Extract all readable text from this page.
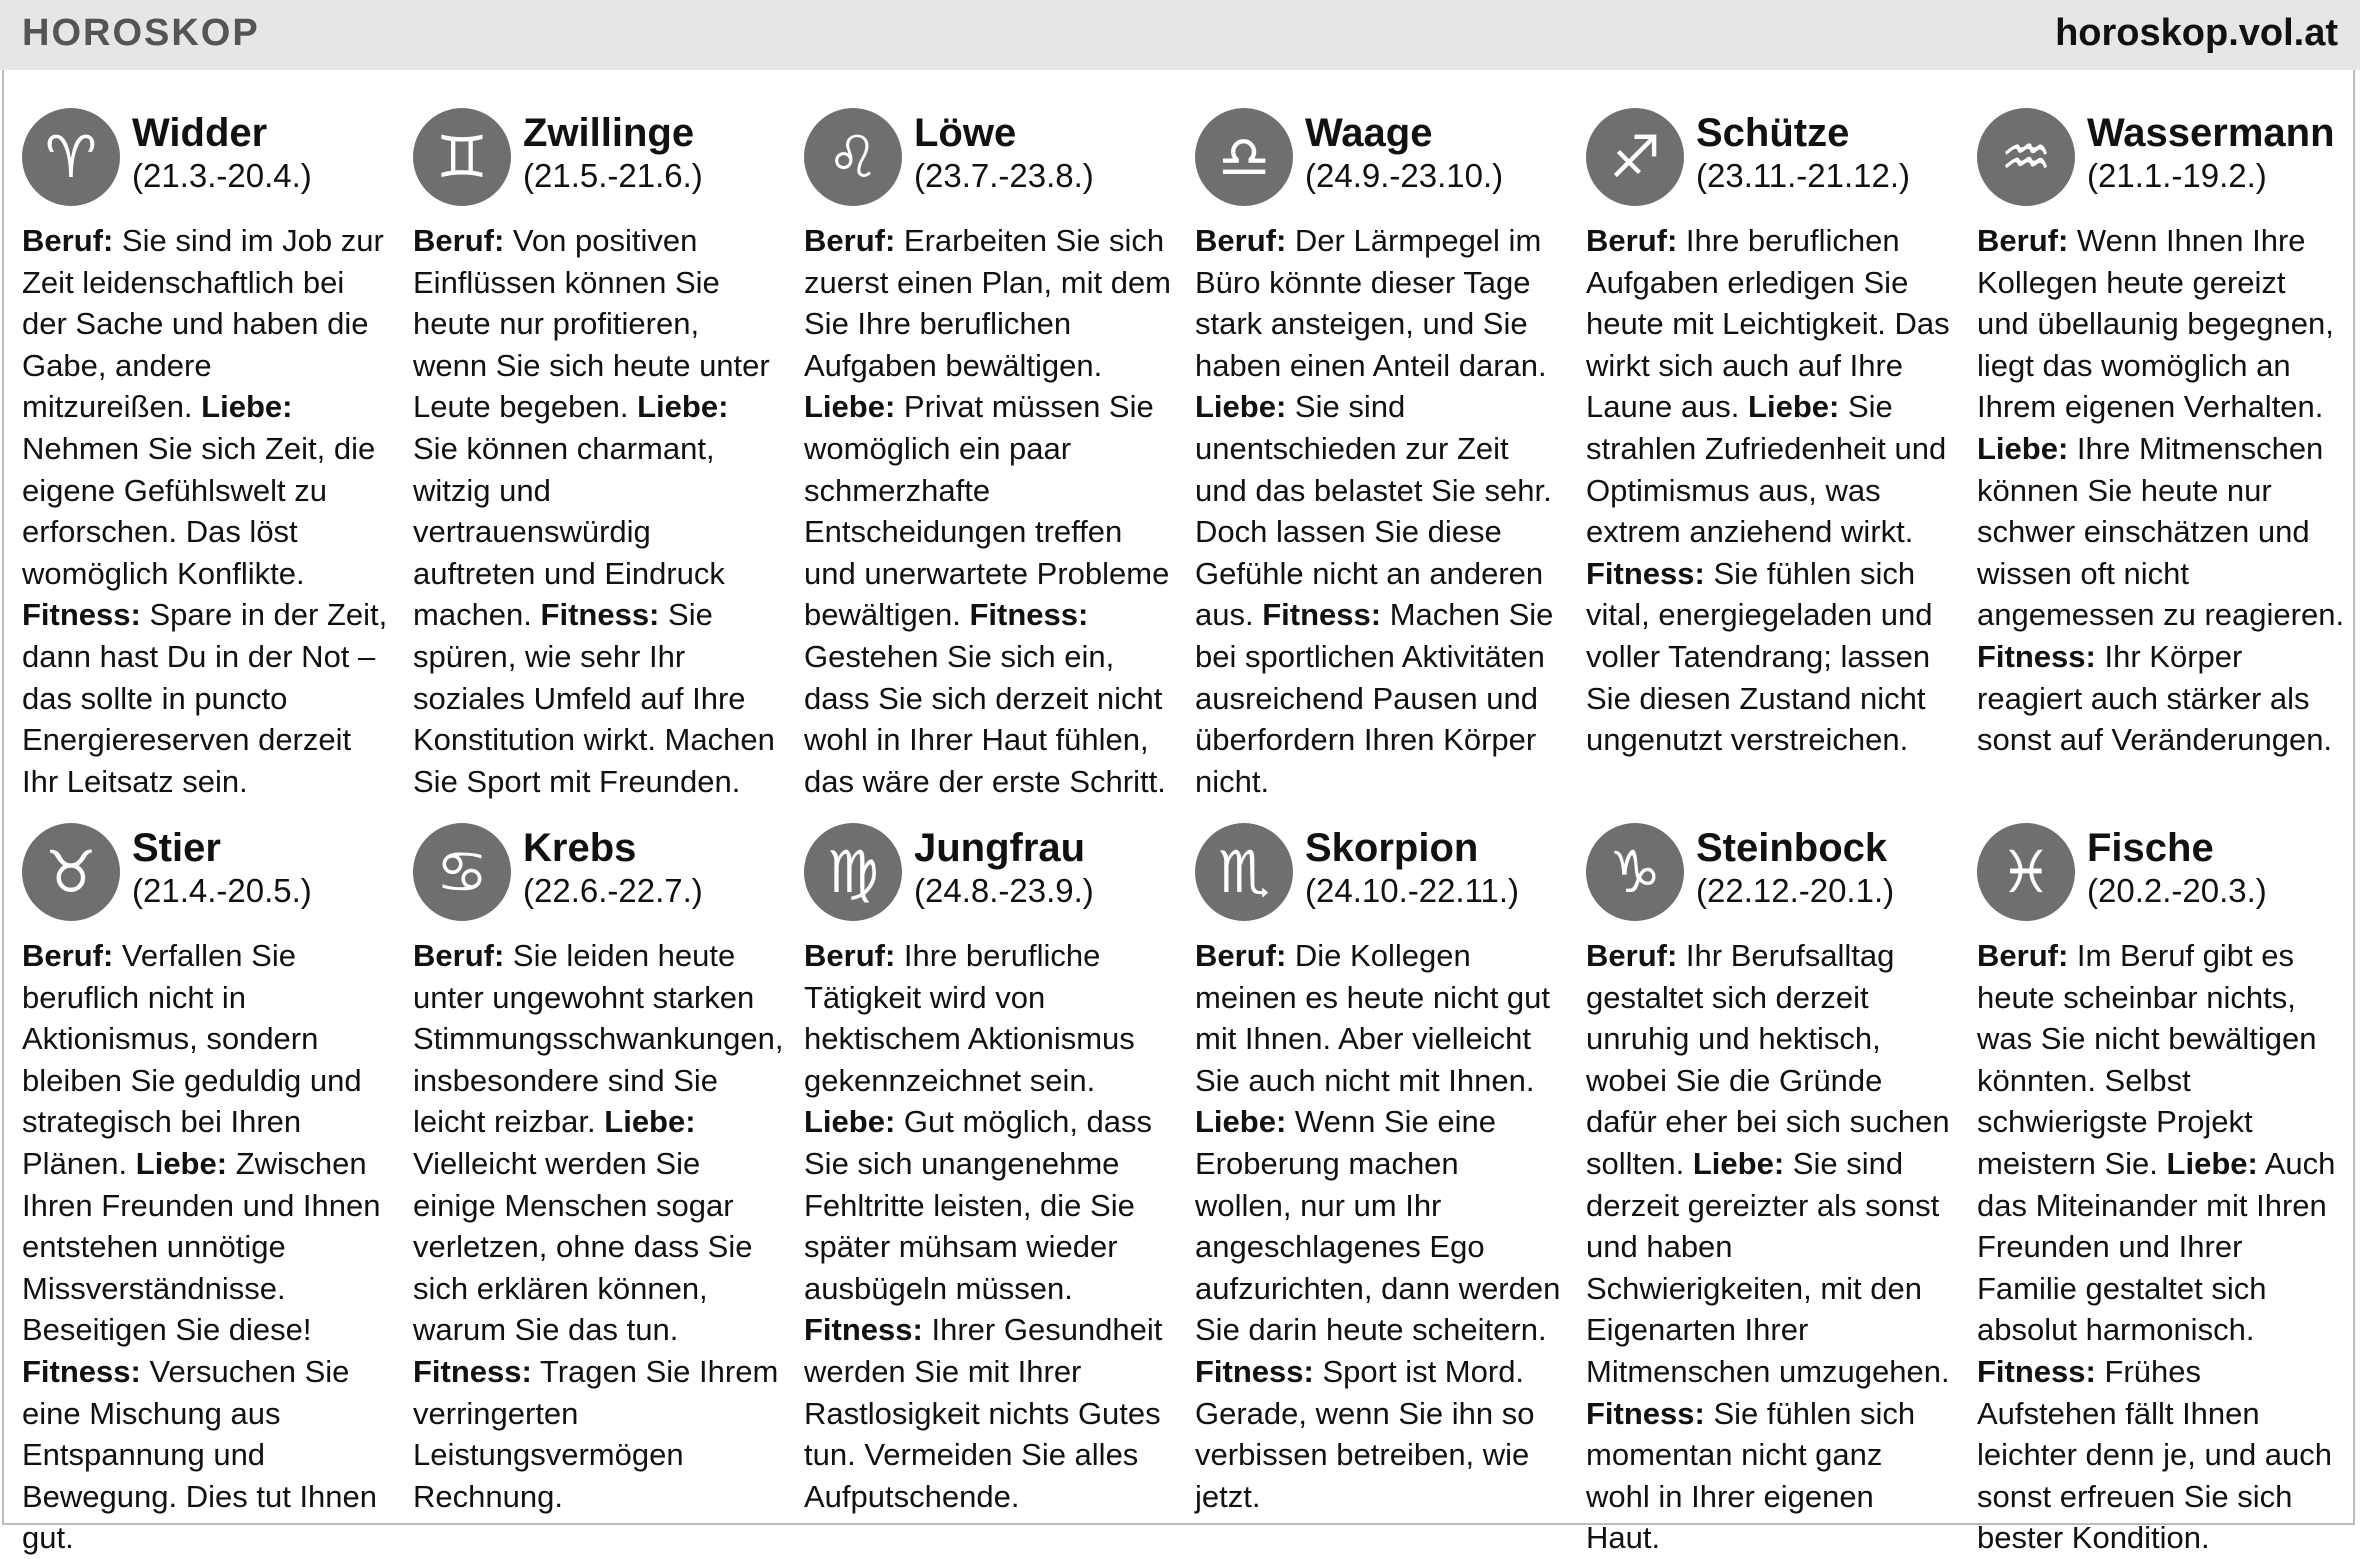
HOROSKOP	horoskop.vol.at
♈ Widder
(21.3.-20.4.)
Beruf: Sie sind im Job zur Zeit leidenschaftlich bei der Sache und haben die Gabe, andere mitzureißen. Liebe: Nehmen Sie sich Zeit, die eigene Gefühlswelt zu erforschen. Das löst womöglich Konflikte. Fitness: Spare in der Zeit, dann hast Du in der Not – das sollte in puncto Energiereserven derzeit Ihr Leitsatz sein.
♊ Zwillinge
(21.5.-21.6.)
Beruf: Von positiven Einflüssen können Sie heute nur profitieren, wenn Sie sich heute unter Leute begeben. Liebe: Sie können charmant, witzig und vertrauenswürdig auftreten und Eindruck machen. Fitness: Sie spüren, wie sehr Ihr soziales Umfeld auf Ihre Konstitution wirkt. Machen Sie Sport mit Freunden.
♌ Löwe
(23.7.-23.8.)
Beruf: Erarbeiten Sie sich zuerst einen Plan, mit dem Sie Ihre beruflichen Aufgaben bewältigen. Liebe: Privat müssen Sie womöglich ein paar schmerzhafte Entscheidungen treffen und unerwartete Probleme bewältigen. Fitness: Gestehen Sie sich ein, dass Sie sich derzeit nicht wohl in Ihrer Haut fühlen, das wäre der erste Schritt.
♎ Waage
(24.9.-23.10.)
Beruf: Der Lärmpegel im Büro könnte dieser Tage stark ansteigen, und Sie haben einen Anteil daran. Liebe: Sie sind unentschieden zur Zeit und das belastet Sie sehr. Doch lassen Sie diese Gefühle nicht an anderen aus. Fitness: Machen Sie bei sportlichen Aktivitäten ausreichend Pausen und überfordern Ihren Körper nicht.
♐ Schütze
(23.11.-21.12.)
Beruf: Ihre beruflichen Aufgaben erledigen Sie heute mit Leichtigkeit. Das wirkt sich auch auf Ihre Laune aus. Liebe: Sie strahlen Zufriedenheit und Optimismus aus, was extrem anziehend wirkt. Fitness: Sie fühlen sich vital, energiegeladen und voller Tatendrang; lassen Sie diesen Zustand nicht ungenutzt verstreichen.
♒ Wassermann
(21.1.-19.2.)
Beruf: Wenn Ihnen Ihre Kollegen heute gereizt und übellaunig begegnen, liegt das womöglich an Ihrem eigenen Verhalten. Liebe: Ihre Mitmenschen können Sie heute nur schwer einschätzen und wissen oft nicht angemessen zu reagieren. Fitness: Ihr Körper reagiert auch stärker als sonst auf Veränderungen.
♉ Stier
(21.4.-20.5.)
Beruf: Verfallen Sie beruflich nicht in Aktionismus, sondern bleiben Sie geduldig und strategisch bei Ihren Plänen. Liebe: Zwischen Ihren Freunden und Ihnen entstehen unnötige Missverständnisse. Beseitigen Sie diese! Fitness: Versuchen Sie eine Mischung aus Entspannung und Bewegung. Dies tut Ihnen gut.
♋ Krebs
(22.6.-22.7.)
Beruf: Sie leiden heute unter ungewohnt starken Stimmungsschwankungen, insbesondere sind Sie leicht reizbar. Liebe: Vielleicht werden Sie einige Menschen sogar verletzen, ohne dass Sie sich erklären können, warum Sie das tun. Fitness: Tragen Sie Ihrem verringerten Leistungsvermögen Rechnung.
♍ Jungfrau
(24.8.-23.9.)
Beruf: Ihre berufliche Tätigkeit wird von hektischem Aktionismus gekennzeichnet sein. Liebe: Gut möglich, dass Sie sich unangenehme Fehltritte leisten, die Sie später mühsam wieder ausbügeln müssen. Fitness: Ihrer Gesundheit werden Sie mit Ihrer Rastlosigkeit nichts Gutes tun. Vermeiden Sie alles Aufputschende.
♏ Skorpion
(24.10.-22.11.)
Beruf: Die Kollegen meinen es heute nicht gut mit Ihnen. Aber vielleicht Sie auch nicht mit Ihnen. Liebe: Wenn Sie eine Eroberung machen wollen, nur um Ihr angeschlagenes Ego aufzurichten, dann werden Sie darin heute scheitern. Fitness: Sport ist Mord. Gerade, wenn Sie ihn so verbissen betreiben, wie jetzt.
♑ Steinbock
(22.12.-20.1.)
Beruf: Ihr Berufsalltag gestaltet sich derzeit unruhig und hektisch, wobei Sie die Gründe dafür eher bei sich suchen sollten. Liebe: Sie sind derzeit gereizter als sonst und haben Schwierigkeiten, mit den Eigenarten Ihrer Mitmenschen umzugehen. Fitness: Sie fühlen sich momentan nicht ganz wohl in Ihrer eigenen Haut.
♓ Fische
(20.2.-20.3.)
Beruf: Im Beruf gibt es heute scheinbar nichts, was Sie nicht bewältigen könnten. Selbst schwierigste Projekt meistern Sie. Liebe: Auch das Miteinander mit Ihren Freunden und Ihrer Familie gestaltet sich absolut harmonisch. Fitness: Frühes Aufstehen fällt Ihnen leichter denn je, und auch sonst erfreuen Sie sich bester Kondition.
